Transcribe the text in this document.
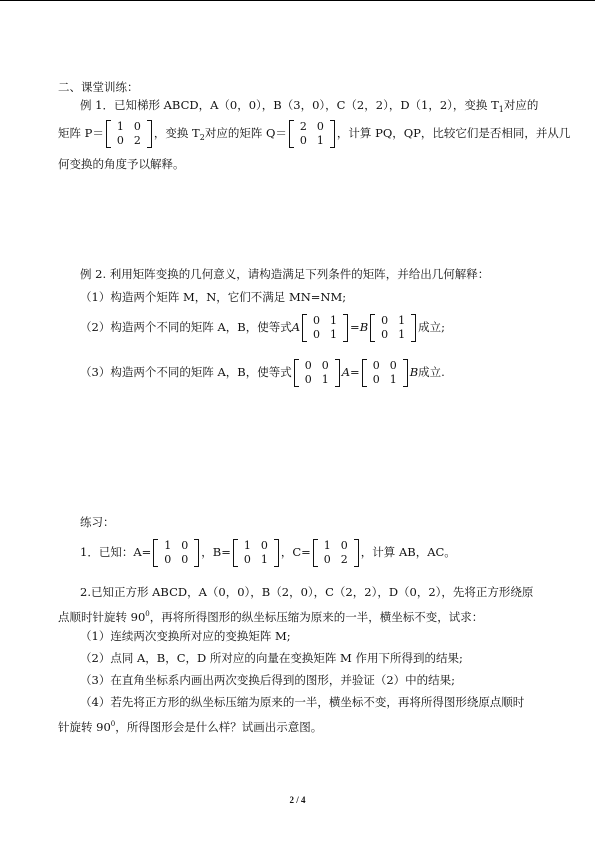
二、课堂训练：
例 1．已知梯形 ABCD，A（0，0），B（3，0），C（2，2），D（1，2），变换 $T_1$对应的
矩阵 P＝ 1	0
0	2
，变换 $T_2$对应的矩阵 Q＝ 2	0
0	1
，计算 PQ，QP，比较它们是否相同，并从几
何变换的角度予以解释。
例 2. 利用矩阵变换的几何意义，请构造满足下列条件的矩阵，并给出几何解释：
（1）构造两个矩阵 M，N，它们不满足 MN=NM;
（2）构造两个不同的矩阵 A，B，使等式A 0	1
0	1
=B 0	1
0	1
成立;
（3）构造两个不同的矩阵 A，B，使等式 0	0
0	1
A= 0	0
0	1
B成立.
练习：
1．已知：A= 1	0
0	0
，B= 1	0
0	1
，C= 1	0
0	2
，计算 AB，AC。
2.已知正方形 ABCD，A（0，0），B（2，0），C（2，2），D（0，2），先将正方形绕原
点顺时针旋转 $90^0$，再将所得图形的纵坐标压缩为原来的一半，横坐标不变，试求：
（1）连续两次变换所对应的变换矩阵 M;
（2）点同 A，B，C，D 所对应的向量在变换矩阵 M 作用下所得到的结果;
（3）在直角坐标系内画出两次变换后得到的图形，并验证（2）中的结果;
（4）若先将正方形的纵坐标压缩为原来的一半，横坐标不变，再将所得图形绕原点顺时
针旋转 $90^0$，所得图形会是什么样？试画出示意图。
2 / 4
